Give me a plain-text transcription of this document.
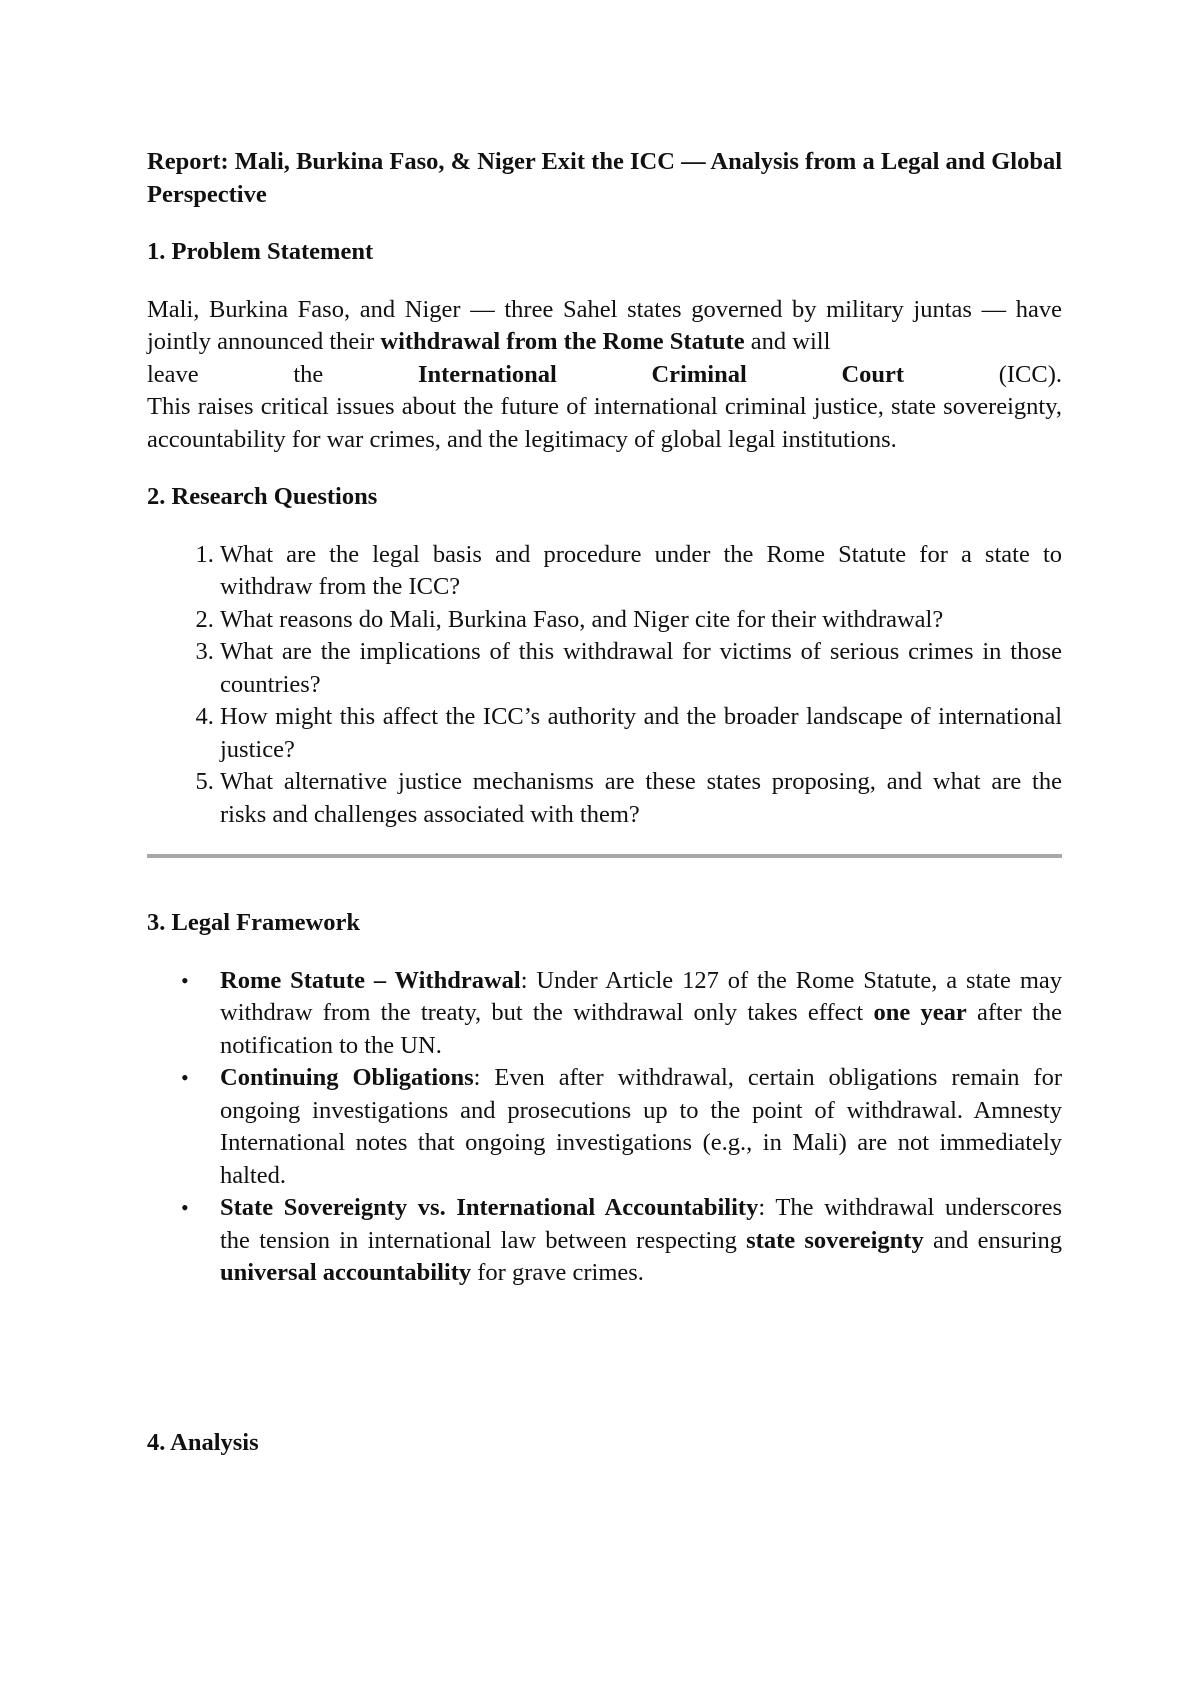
Report: Mali, Burkina Faso, & Niger Exit the ICC — Analysis from a Legal and Global Perspective

1. Problem Statement

Mali, Burkina Faso, and Niger — three Sahel states governed by military juntas — have jointly announced their withdrawal from the Rome Statute and will

leave	the	International	Criminal	Court	(ICC).

This raises critical issues about the future of international criminal justice, state sovereignty, accountability for war crimes, and the legitimacy of global legal institutions.

2. Research Questions

1. What are the legal basis and procedure under the Rome Statute for a state to withdraw from the ICC?
2. What reasons do Mali, Burkina Faso, and Niger cite for their withdrawal?
3. What are the implications of this withdrawal for victims of serious crimes in those countries?
4. How might this affect the ICC’s authority and the broader landscape of international justice?
5. What alternative justice mechanisms are these states proposing, and what are the risks and challenges associated with them?

3. Legal Framework

• Rome Statute – Withdrawal: Under Article 127 of the Rome Statute, a state may withdraw from the treaty, but the withdrawal only takes effect one year after the notification to the UN.
• Continuing Obligations: Even after withdrawal, certain obligations remain for ongoing investigations and prosecutions up to the point of withdrawal. Amnesty International notes that ongoing investigations (e.g., in Mali) are not immediately halted.
• State Sovereignty vs. International Accountability: The withdrawal underscores the tension in international law between respecting state sovereignty and ensuring universal accountability for grave crimes.

4. Analysis
